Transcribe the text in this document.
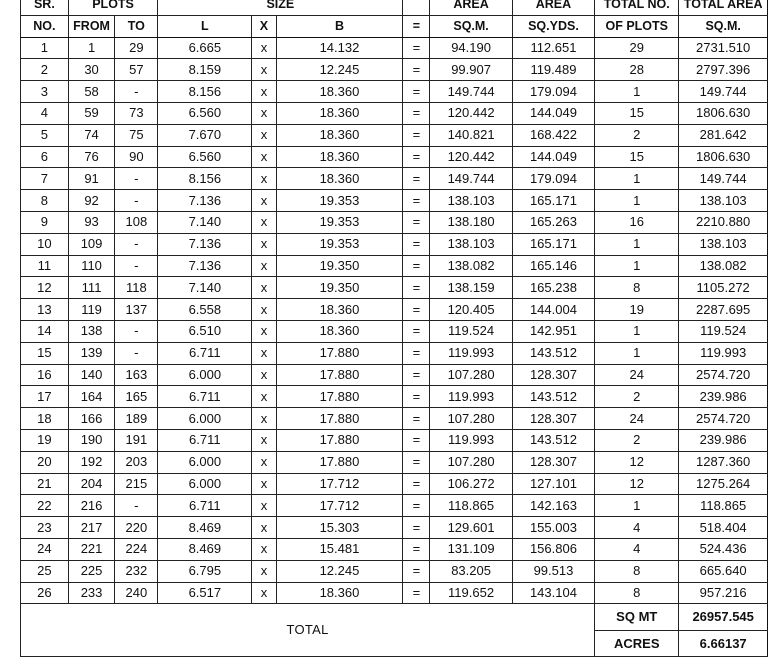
SR.	PLOTS		SIZE				AREA	AREA	TOTAL NO.	TOTAL AREA
NO.	FROM	TO	L	X	B	=	SQ.M.	SQ.YDS.	OF PLOTS	SQ.M.
1	1	29	6.665	x	14.132	=	94.190	112.651	29	2731.510
2	30	57	8.159	x	12.245	=	99.907	119.489	28	2797.396
3	58	-	8.156	x	18.360	=	149.744	179.094	1	149.744
4	59	73	6.560	x	18.360	=	120.442	144.049	15	1806.630
5	74	75	7.670	x	18.360	=	140.821	168.422	2	281.642
6	76	90	6.560	x	18.360	=	120.442	144.049	15	1806.630
7	91	-	8.156	x	18.360	=	149.744	179.094	1	149.744
8	92	-	7.136	x	19.353	=	138.103	165.171	1	138.103
9	93	108	7.140	x	19.353	=	138.180	165.263	16	2210.880
10	109	-	7.136	x	19.353	=	138.103	165.171	1	138.103
11	110	-	7.136	x	19.350	=	138.082	165.146	1	138.082
12	111	118	7.140	x	19.350	=	138.159	165.238	8	1105.272
13	119	137	6.558	x	18.360	=	120.405	144.004	19	2287.695
14	138	-	6.510	x	18.360	=	119.524	142.951	1	119.524
15	139	-	6.711	x	17.880	=	119.993	143.512	1	119.993
16	140	163	6.000	x	17.880	=	107.280	128.307	24	2574.720
17	164	165	6.711	x	17.880	=	119.993	143.512	2	239.986
18	166	189	6.000	x	17.880	=	107.280	128.307	24	2574.720
19	190	191	6.711	x	17.880	=	119.993	143.512	2	239.986
20	192	203	6.000	x	17.880	=	107.280	128.307	12	1287.360
21	204	215	6.000	x	17.712	=	106.272	127.101	12	1275.264
22	216	-	6.711	x	17.712	=	118.865	142.163	1	118.865
23	217	220	8.469	x	15.303	=	129.601	155.003	4	518.404
24	221	224	8.469	x	15.481	=	131.109	156.806	4	524.436
25	225	232	6.795	x	12.245	=	83.205	99.513	8	665.640
26	233	240	6.517	x	18.360	=	119.652	143.104	8	957.216
TOTAL									SQ MT	26957.545
									ACRES	6.66137
